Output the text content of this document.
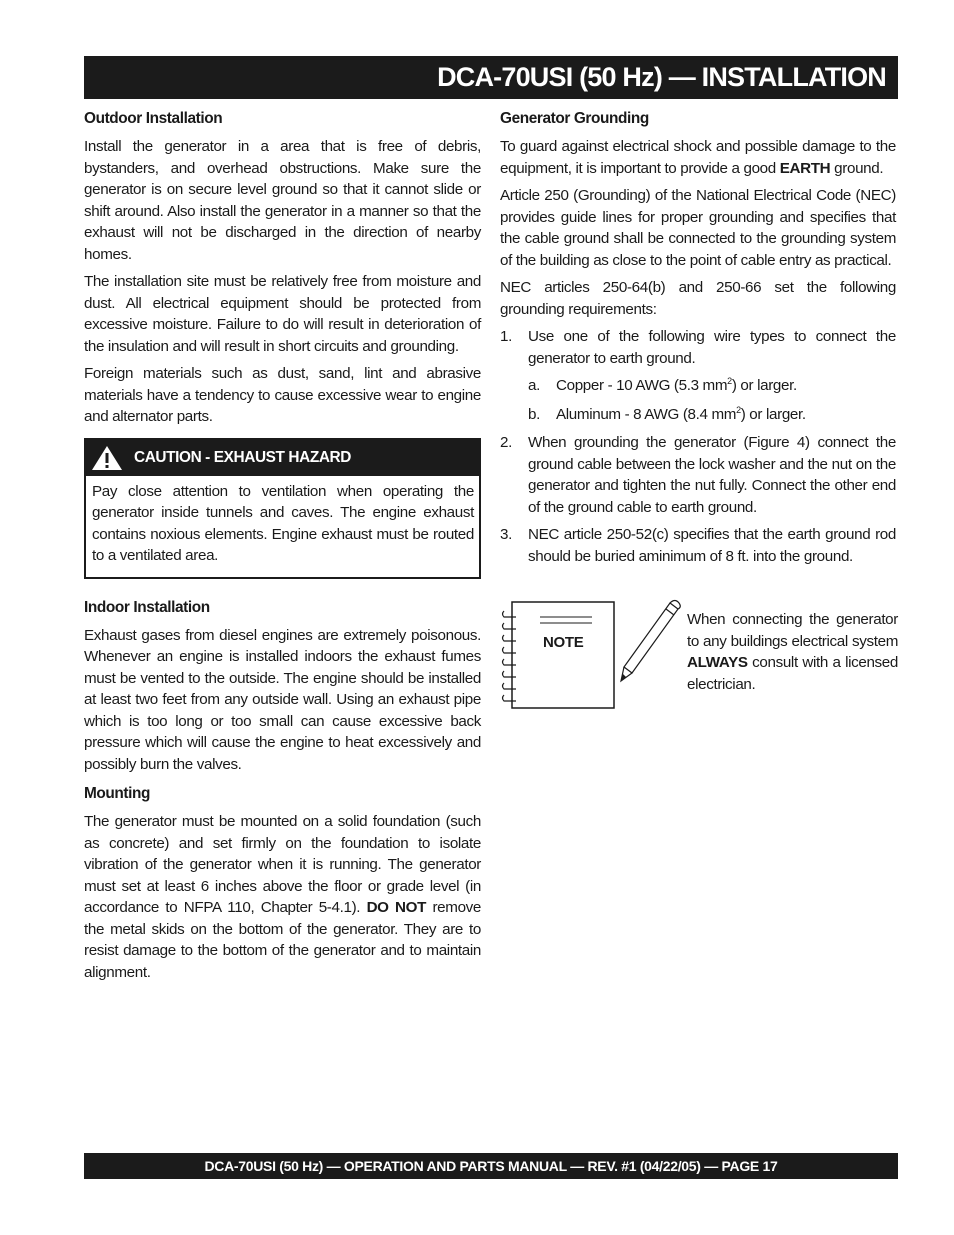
DCA-70USI (50 Hz) — INSTALLATION
Outdoor Installation

Install the generator in a area that is free of debris, bystanders, and overhead obstructions. Make sure the generator is on secure level ground so that it cannot slide or shift around. Also install the generator in a manner so that the exhaust will not be discharged in the direction of nearby homes.

The installation site must be relatively free from moisture and dust. All electrical equipment should be protected from excessive moisture. Failure to do will result in deterioration of the insulation and will result in short circuits and grounding.

Foreign materials such as dust, sand, lint and abrasive materials have a tendency to cause excessive wear to engine and alternator parts.

CAUTION - EXHAUST HAZARD
Pay close attention to ventilation when operating the generator inside tunnels and caves. The engine exhaust contains noxious elements. Engine exhaust must be routed to a ventilated area.
Indoor Installation

Exhaust gases from diesel engines are extremely poisonous. Whenever an engine is installed indoors the exhaust fumes must be vented to the outside. The engine should be installed at least two feet from any outside wall. Using an exhaust pipe which is too long or too small can cause excessive back pressure which will cause the engine to heat excessively and possibly burn the valves.

Mounting

The generator must be mounted on a solid foundation (such as concrete) and set firmly on the foundation to isolate vibration of the generator when it is running. The generator must set at least 6 inches above the floor or grade level (in accordance to NFPA 110, Chapter 5-4.1). DO NOT remove the metal skids on the bottom of the generator. They are to resist damage to the bottom of the generator and to maintain alignment.

Generator Grounding

To guard against electrical shock and possible damage to the equipment, it is important to provide a good EARTH ground.

Article 250 (Grounding) of the National Electrical Code (NEC) provides guide lines for proper grounding and specifies that the cable ground shall be connected to the grounding system of the building as close to the point of cable entry as practical.

NEC articles 250-64(b) and 250-66 set the following grounding requirements:

1. Use one of the following wire types to connect the generator to earth ground.
a. Copper - 10 AWG (5.3 $mm^2$) or larger.
b. Aluminum - 8 AWG (8.4 $mm^2$) or larger.
2. When grounding the generator (Figure 4) connect the ground cable between the lock washer and the nut on the generator and tighten the nut fully. Connect the other end of the ground cable to earth ground.
3. NEC article 250-52(c) specifies that the earth ground rod should be buried aminimum of 8 ft. into the ground.
NOTE
When connecting the generator to any buildings electrical system ALWAYS consult with a licensed electrician.
DCA-70USI (50 Hz) — OPERATION AND PARTS MANUAL — REV. #1 (04/22/05) — PAGE 17
